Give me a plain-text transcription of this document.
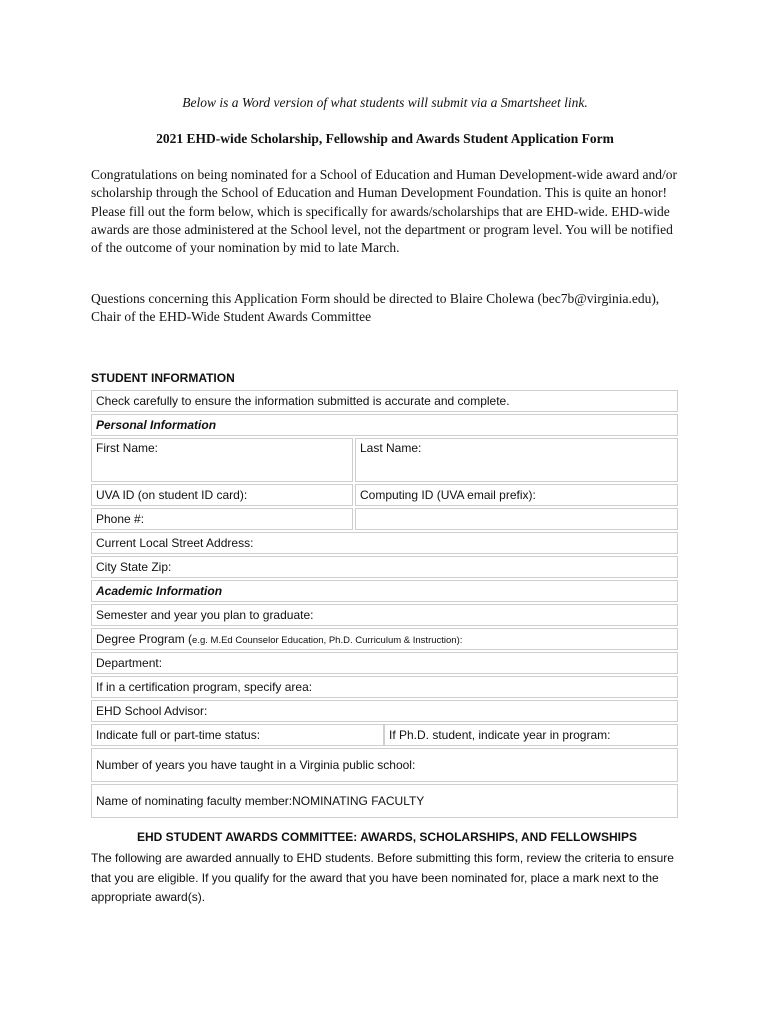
Below is a Word version of what students will submit via a Smartsheet link.
2021 EHD-wide Scholarship, Fellowship and Awards Student Application Form

Congratulations on being nominated for a School of Education and Human Development-wide award and/or scholarship through the School of Education and Human Development Foundation. This is quite an honor! Please fill out the form below, which is specifically for awards/scholarships that are EHD-wide. EHD-wide awards are those administered at the School level, not the department or program level. You will be notified of the outcome of your nomination by mid to late March.

Questions concerning this Application Form should be directed to Blaire Cholewa (bec7b@virginia.edu), Chair of the EHD-Wide Student Awards Committee

STUDENT INFORMATION
Check carefully to ensure the information submitted is accurate and complete.
Personal Information
First Name:	Last Name:
UVA ID (on student ID card):	Computing ID (UVA email prefix):
Phone #:	
Current Local Street Address:
City State Zip:
Academic Information
Semester and year you plan to graduate:
Degree Program (e.g. M.Ed Counselor Education, Ph.D. Curriculum & Instruction):
Department:
If in a certification program, specify area:
EHD School Advisor:

Indicate full or part-time status:	If Ph.D. student, indicate year in program:

Number of years you have taught in a Virginia public school:
Name of nominating faculty member:NOMINATING FACULTY
EHD STUDENT AWARDS COMMITTEE: AWARDS, SCHOLARSHIPS, AND FELLOWSHIPS

The following are awarded annually to EHD students. Before submitting this form, review the criteria to ensure that you are eligible. If you qualify for the award that you have been nominated for, place a mark next to the appropriate award(s).
